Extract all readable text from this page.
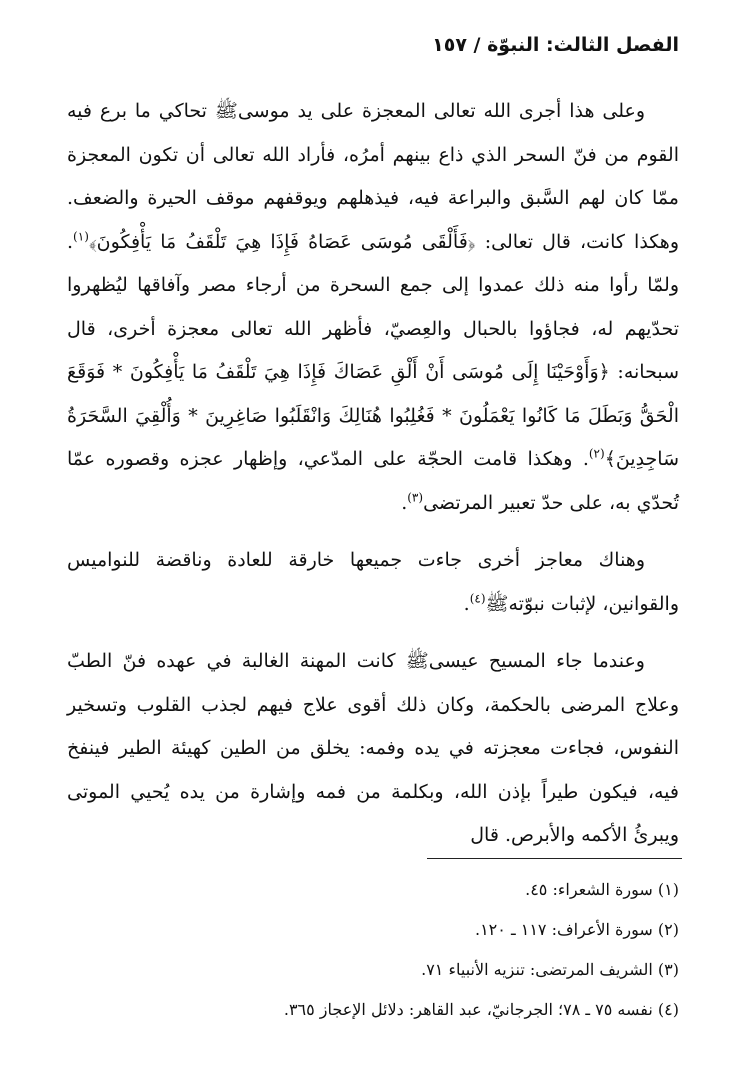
الفصل الثالث: النبوّة / ١٥٧

وعلى هذا أجرى الله تعالى المعجزة على يد موسىﷺ تحاكي ما برع فيه القوم من فنّ السحر الذي ذاع بينهم أمرُه، فأراد الله تعالى أن تكون المعجزة ممّا كان لهم السَّبق والبراعة فيه، فيذهلهم ويوقفهم موقف الحيرة والضعف. وهكذا كانت، قال تعالى: ﴿فَأَلْقَى مُوسَى عَصَاهُ فَإِذَا هِيَ تَلْقَفُ مَا يَأْفِكُونَ﴾$^{(١)}$. ولمّا رأوا منه ذلك عمدوا إلى جمع السحرة من أرجاء مصر وآفاقها ليُظهروا تحدّيهم له، فجاؤوا بالحبال والعِصيّ، فأظهر الله تعالى معجزة أخرى، قال سبحانه: ﴿وَأَوْحَيْنَا إِلَى مُوسَى أَنْ أَلْقِ عَصَاكَ فَإِذَا هِيَ تَلْقَفُ مَا يَأْفِكُونَ * فَوَقَعَ الْحَقُّ وَبَطَلَ مَا كَانُوا يَعْمَلُونَ * فَغُلِبُوا هُنَالِكَ وَانْقَلَبُوا صَاغِرِينَ * وَأُلْقِيَ السَّحَرَةُ سَاجِدِينَ﴾$^{(٢)}$. وهكذا قامت الحجّة على المدّعي، وإظهار عجزه وقصوره عمّا تُحدّي به، على حدّ تعبير المرتضى$^{(٣)}$.

وهناك معاجز أخرى جاءت جميعها خارقة للعادة وناقضة للنواميس والقوانين، لإثبات نبوّتهﷺ$^{(٤)}$.

وعندما جاء المسيح عيسىﷺ كانت المهنة الغالبة في عهده فنّ الطبّ وعلاج المرضى بالحكمة، وكان ذلك أقوى علاج فيهم لجذب القلوب وتسخير النفوس، فجاءت معجزته في يده وفمه: يخلق من الطين كهيئة الطير فينفخ فيه، فيكون طيراً بإذن الله، وبكلمة من فمه وإشارة من يده يُحيي الموتى ويبرئُ الأكمه والأبرص. قال

(١) سورة الشعراء: ٤٥.

(٢) سورة الأعراف: ١١٧ ـ ١٢٠.

(٣) الشريف المرتضى: تنزيه الأنبياء ٧١.

(٤) نفسه ٧٥ ـ ٧٨؛ الجرجانيّ، عبد القاهر: دلائل الإعجاز ٣٦٥.
